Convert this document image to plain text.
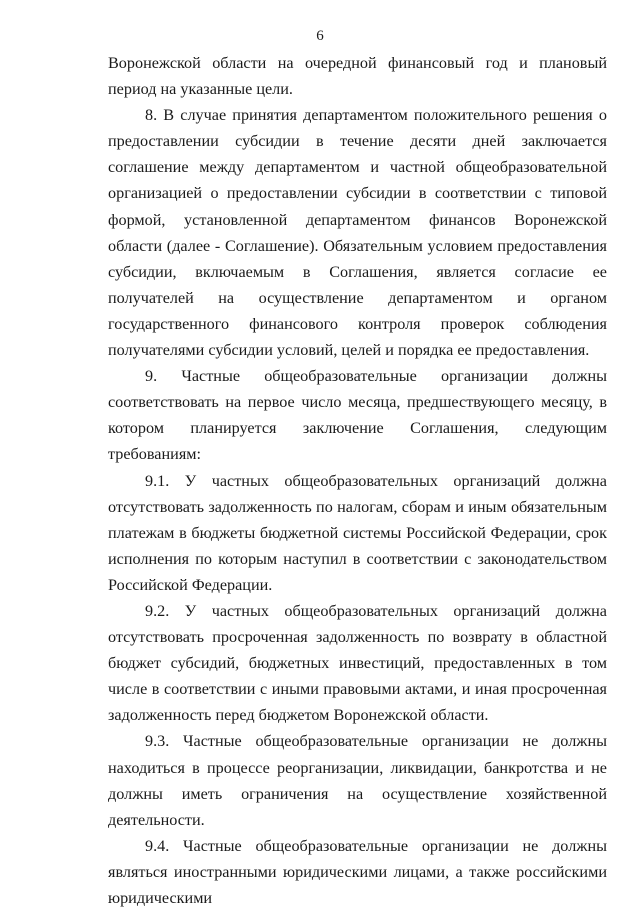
6

Воронежской области на очередной финансовый год и плановый период на указанные цели.

8. В случае принятия департаментом положительного решения о предоставлении субсидии в течение десяти дней заключается соглашение между департаментом и частной общеобразовательной организацией о предоставлении субсидии в соответствии с типовой формой, установленной департаментом финансов Воронежской области (далее - Соглашение). Обязательным условием предоставления субсидии, включаемым в Соглашения, является согласие ее получателей на осуществление департаментом и органом государственного финансового контроля проверок соблюдения получателями субсидии условий, целей и порядка ее предоставления.

9. Частные общеобразовательные организации должны соответствовать на первое число месяца, предшествующего месяцу, в котором планируется заключение Соглашения, следующим требованиям:

9.1. У частных общеобразовательных организаций должна отсутствовать задолженность по налогам, сборам и иным обязательным платежам в бюджеты бюджетной системы Российской Федерации, срок исполнения по которым наступил в соответствии с законодательством Российской Федерации.

9.2. У частных общеобразовательных организаций должна отсутствовать просроченная задолженность по возврату в областной бюджет субсидий, бюджетных инвестиций, предоставленных в том числе в соответствии с иными правовыми актами, и иная просроченная задолженность перед бюджетом Воронежской области.

9.3. Частные общеобразовательные организации не должны находиться в процессе реорганизации, ликвидации, банкротства и не должны иметь ограничения на осуществление хозяйственной деятельности.

9.4. Частные общеобразовательные организации не должны являться иностранными юридическими лицами, а также российскими юридическими
